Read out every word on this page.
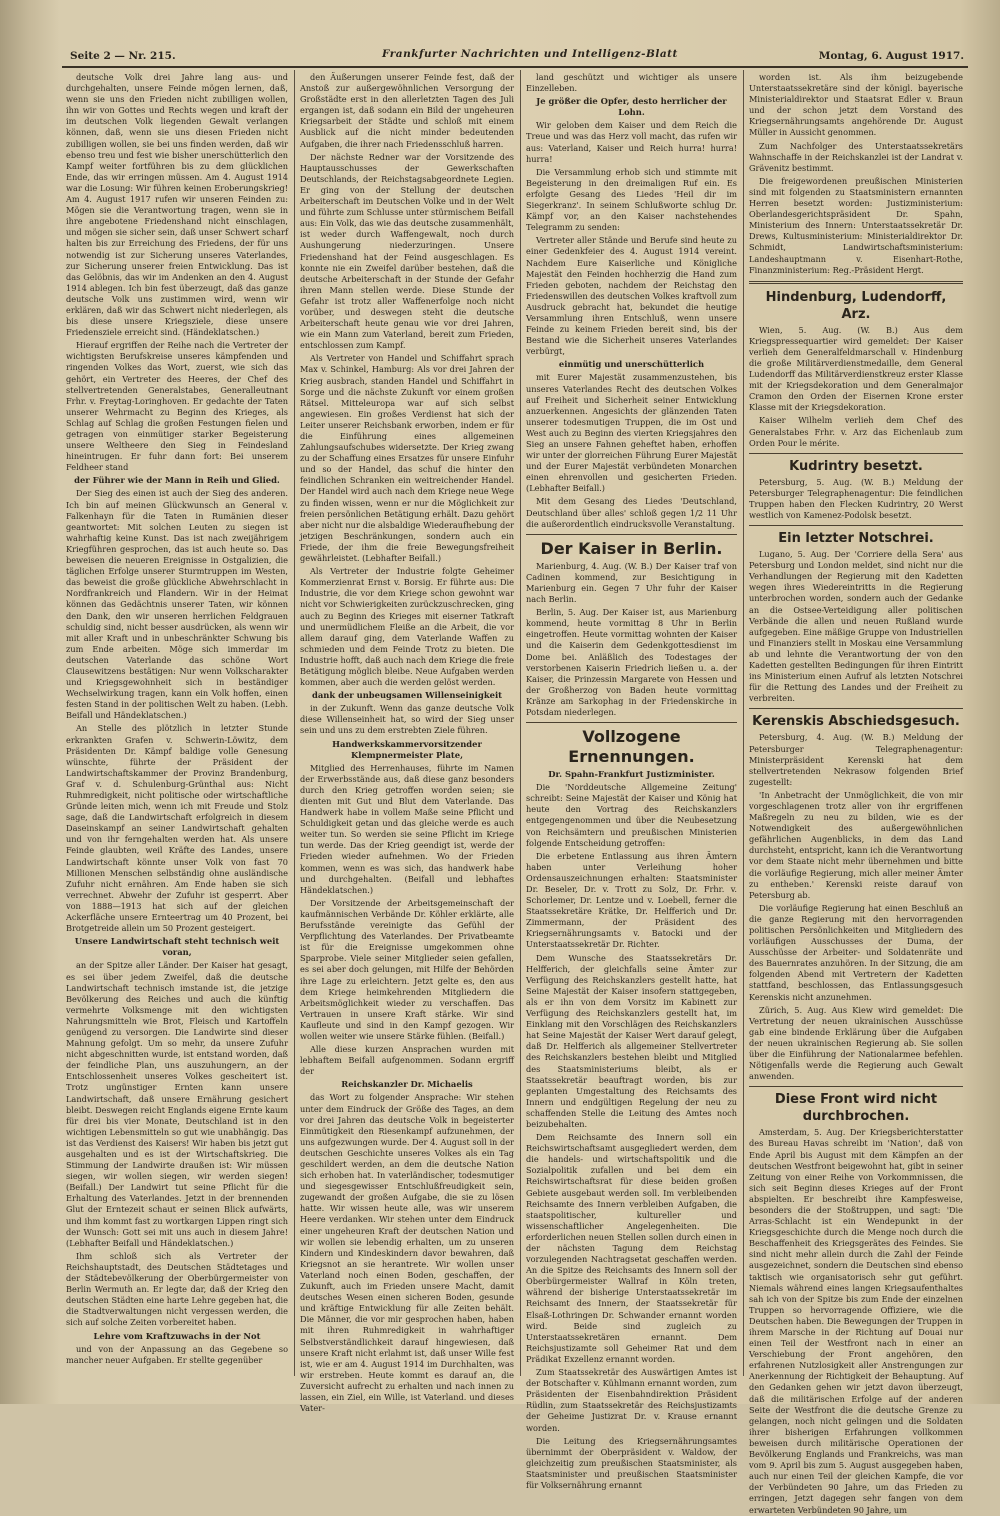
Seite 2 — Nr. 215.	Frankfurter Nachrichten und Intelligenz-Blatt	Montag, 6. August 1917.

deutsche Volk drei Jahre lang aus- und durchgehalten, unsere Feinde mögen lernen, daß, wenn sie uns den Frieden nicht zubilligen wollen, ihn wir von Gottes und Rechts wegen und kraft der im deutschen Volk liegenden Gewalt verlangen können, daß, wenn sie uns diesen Frieden nicht zubilligen wollen, sie bei uns finden werden, daß wir ebenso treu und fest wie bisher unerschütterlich den Kampf weiter fortführen bis zu dem glücklichen Ende, das wir erringen müssen. Am 4. August 1914 war die Losung: Wir führen keinen Eroberungskrieg! Am 4. August 1917 rufen wir unseren Feinden zu: Mögen sie die Verantwortung tragen, wenn sie in ihre angebotene Friedenshand nicht einschlagen, und mögen sie sicher sein, daß unser Schwert scharf halten bis zur Erreichung des Friedens, der für uns notwendig ist zur Sicherung unseres Vaterlandes, zur Sicherung unserer freien Entwicklung. Das ist das Gelöbnis, das wir im Andenken an den 4. August 1914 ablegen. Ich bin fest überzeugt, daß das ganze deutsche Volk uns zustimmen wird, wenn wir erklären, daß wir das Schwert nicht niederlegen, als bis diese unsere Kriegsziele, diese unsere Friedensziele erreicht sind. (Händeklatschen.)

Hierauf ergriffen der Reihe nach die Vertreter der wichtigsten Berufskreise unseres kämpfenden und ringenden Volkes das Wort, zuerst, wie sich das gehört, ein Vertreter des Heeres, der Chef des stellvertretenden Generalstabes, Generalleutnant Frhr. v. Freytag-Loringhoven. Er gedachte der Taten unserer Wehrmacht zu Beginn des Krieges, als Schlag auf Schlag die großen Festungen fielen und getragen von einmütiger starker Begeisterung unsere Weltheere den Sieg in Feindesland hineintrugen. Er fuhr dann fort: Bei unserem Feldheer stand

der Führer wie der Mann in Reih und Glied.

Der Sieg des einen ist auch der Sieg des anderen. Ich bin auf meinen Glückwunsch an General v. Falkenhayn für die Taten in Rumänien dieser geantwortet: Mit solchen Leuten zu siegen ist wahrhaftig keine Kunst. Das ist nach zweijährigem Kriegführen gesprochen, das ist auch heute so. Das beweisen die neueren Ereignisse in Ostgalizien, die täglichen Erfolge unserer Sturmtruppen im Westen, das beweist die große glückliche Abwehrschlacht in Nordfrankreich und Flandern. Wir in der Heimat können das Gedächtnis unserer Taten, wir können den Dank, den wir unseren herrlichen Feldgrauen schuldig sind, nicht besser ausdrücken, als wenn wir mit aller Kraft und in unbeschränkter Schwung bis zum Ende arbeiten. Möge sich immerdar im deutschen Vaterlande das schöne Wort Clausewitzens bestätigen: Nur wenn Volkscharakter und Kriegsgewohnheit sich in beständiger Wechselwirkung tragen, kann ein Volk hoffen, einen festen Stand in der politischen Welt zu haben. (Lebh. Beifall und Händeklatschen.)

An Stelle des plötzlich in letzter Stunde erkrankten Grafen v. Schwerin-Löwitz, dem Präsidenten Dr. Kämpf baldige volle Genesung wünschte, führte der Präsident der Landwirtschaftskammer der Provinz Brandenburg, Graf v. d. Schulenburg-Grünthal aus: Nicht Ruhmredigkeit, nicht politische oder wirtschaftliche Gründe leiten mich, wenn ich mit Freude und Stolz sage, daß die Landwirtschaft erfolgreich in diesem Daseinskampf an seiner Landwirtschaft gehalten und von ihr ferngehalten werden hat. Als unsere Feinde glaubten, weil Kräfte des Landes, unsere Landwirtschaft könnte unser Volk von fast 70 Millionen Menschen selbständig ohne ausländische Zufuhr nicht ernähren. Am Ende haben sie sich verrechnet. Abwehr der Zufuhr ist gesperrt. Aber von 1888—1913 hat sich auf der gleichen Ackerfläche unsere Ernteertrag um 40 Prozent, bei Brotgetreide allein um 50 Prozent gesteigert.

Unsere Landwirtschaft steht technisch weit voran,

an der Spitze aller Länder. Der Kaiser hat gesagt, es sei über jedem Zweifel, daß die deutsche Landwirtschaft technisch imstande ist, die jetzige Bevölkerung des Reiches und auch die künftig vermehrte Volksmenge mit den wichtigsten Nahrungsmitteln wie Brot, Fleisch und Kartoffeln genügend zu versorgen. Die Landwirte sind dieser Mahnung gefolgt. Um so mehr, da unsere Zufuhr nicht abgeschnitten wurde, ist entstand worden, daß der feindliche Plan, uns auszuhungern, an der Entschlossenheit unseres Volkes gescheitert ist. Trotz ungünstiger Ernten kann unsere Landwirtschaft, daß unsere Ernährung gesichert bleibt. Deswegen reicht Englands eigene Ernte kaum für drei bis vier Monate, Deutschland ist in den wichtigen Lebensmitteln so gut wie unabhängig. Das ist das Verdienst des Kaisers! Wir haben bis jetzt gut ausgehalten und es ist der Wirtschaftskrieg. Die Stimmung der Landwirte draußen ist: Wir müssen siegen, wir wollen siegen, wir werden siegen! (Beifall.) Der Landwirt tut seine Pflicht für die Erhaltung des Vaterlandes. Jetzt in der brennenden Glut der Erntezeit schaut er seinen Blick aufwärts, und ihm kommt fast zu wortkargen Lippen ringt sich der Wunsch: Gott sei mit uns auch in diesem Jahre! (Lebhafter Beifall und Händeklatschen.)

Ihm schloß sich als Vertreter der Reichshauptstadt, des Deutschen Städtetages und der Städtebevölkerung der Oberbürgermeister von Berlin Wermuth an. Er legte dar, daß der Krieg den deutschen Städten eine harte Lehre gegeben hat, die die Stadtverwaltungen nicht vergessen werden, die sich auf solche Zeiten vorbereitet haben.

Lehre vom Kraftzuwachs in der Not

und von der Anpassung an das Gegebene so mancher neuer Aufgaben. Er stellte gegenüber

den Äußerungen unserer Feinde fest, daß der Anstoß zur außergewöhnlichen Versorgung der Großstädte erst in den allerletzten Tagen des Juli ergangen ist, daß sodann ein Bild der ungeheuren Kriegsarbeit der Städte und schloß mit einem Ausblick auf die nicht minder bedeutenden Aufgaben, die ihrer nach Friedensschluß harren.

Der nächste Redner war der Vorsitzende des Hauptausschusses der Gewerkschaften Deutschlands, der Reichstagsabgeordnete Legien. Er ging von der Stellung der deutschen Arbeiterschaft im Deutschen Volke und in der Welt und führte zum Schlusse unter stürmischem Beifall aus: Ein Volk, das wie das deutsche zusammenhält, ist weder durch Waffengewalt, noch durch Aushungerung niederzuringen. Unsere Friedenshand hat der Feind ausgeschlagen. Es konnte nie ein Zweifel darüber bestehen, daß die deutsche Arbeiterschaft in der Stunde der Gefahr ihren Mann stellen werde. Diese Stunde der Gefahr ist trotz aller Waffenerfolge noch nicht vorüber, und deswegen steht die deutsche Arbeiterschaft heute genau wie vor drei Jahren, wie ein Mann zum Vaterland, bereit zum Frieden, entschlossen zum Kampf.

Als Vertreter von Handel und Schiffahrt sprach Max v. Schinkel, Hamburg: Als vor drei Jahren der Krieg ausbrach, standen Handel und Schiffahrt in Sorge und die nächste Zukunft vor einem großen Rätsel. Mitteleuropa war auf sich selbst angewiesen. Ein großes Verdienst hat sich der Leiter unserer Reichsbank erworben, indem er für die Einführung eines allgemeinen Zahlungsaufschubes widersetzte. Der Krieg zwang zu der Schaffung eines Ersatzes für unsere Einfuhr und so der Handel, das schuf die hinter den feindlichen Schranken ein weitreichender Handel. Der Handel wird auch nach dem Kriege neue Wege zu finden wissen, wenn er nur die Möglichkeit zur freien persönlichen Betätigung erhält. Dazu gehört aber nicht nur die alsbaldige Wiederaufhebung der jetzigen Beschränkungen, sondern auch ein Friede, der ihm die freie Bewegungsfreiheit gewährleistet. (Lebhafter Beifall.)

Als Vertreter der Industrie folgte Geheimer Kommerzienrat Ernst v. Borsig. Er führte aus: Die Industrie, die vor dem Kriege schon gewohnt war nicht vor Schwierigkeiten zurückzuschrecken, ging auch zu Beginn des Krieges mit eiserner Tatkraft und unermüdlichem Fleiße an die Arbeit, die vor allem darauf ging, dem Vaterlande Waffen zu schmieden und dem Feinde Trotz zu bieten. Die Industrie hofft, daß auch nach dem Kriege die freie Betätigung möglich bleibe. Neue Aufgaben werden kommen, aber auch die werden gelöst werden.

dank der unbeugsamen Willenseinigkeit

in der Zukunft. Wenn das ganze deutsche Volk diese Willenseinheit hat, so wird der Sieg unser sein und uns zu dem erstrebten Ziele führen.

Handwerkskammervorsitzender Klempnermeister Plate,

Mitglied des Herrenhauses, führte im Namen der Erwerbsstände aus, daß diese ganz besonders durch den Krieg getroffen worden seien; sie dienten mit Gut und Blut dem Vaterlande. Das Handwerk habe in vollem Maße seine Pflicht und Schuldigkeit getan und das gleiche werde es auch weiter tun. So werden sie seine Pflicht im Kriege tun werde. Das der Krieg geendigt ist, werde der Frieden wieder aufnehmen. Wo der Frieden kommen, wenn es was sich, das handwerk habe und durchgehalten. (Beifall und lebhaftes Händeklatschen.)

Der Vorsitzende der Arbeitsgemeinschaft der kaufmännischen Verbände Dr. Köhler erklärte, alle Berufsstände vereinigte das Gefühl der Verpflichtung des Vaterlandes. Der Privatbeamte ist für die Ereignisse umgekommen ohne Sparprobe. Viele seiner Mitglieder seien gefallen, es sei aber doch gelungen, mit Hilfe der Behörden ihre Lage zu erleichtern. Jetzt gelte es, den aus dem Kriege heimkehrenden Mitgliedern die Arbeitsmöglichkeit wieder zu verschaffen. Das Vertrauen in unsere Kraft stärke. Wir sind Kaufleute und sind in den Kampf gezogen. Wir wollen weiter wie unsere Stärke fühlen. (Beifall.)

Alle diese kurzen Ansprachen wurden mit lebhaftem Beifall aufgenommen. Sodann ergriff der

Reichskanzler Dr. Michaelis

das Wort zu folgender Ansprache: Wir stehen unter dem Eindruck der Größe des Tages, an dem vor drei Jahren das deutsche Volk in begeisterter Einmütigkeit den Riesenkampf aufzunehmen, der uns aufgezwungen wurde. Der 4. August soll in der deutschen Geschichte unseres Volkes als ein Tag geschildert werden, an dem die deutsche Nation sich erhoben hat. In vaterländischer, todesmutiger und siegesgewisser Entschlußfreudigkeit sein, zugewandt der großen Aufgabe, die sie zu lösen hatte. Wir wissen heute alle, was wir unserem Heere verdanken. Wir stehen unter dem Eindruck einer ungeheuren Kraft der deutschen Nation und wir wollen sie lebendig erhalten, um zu unseren Kindern und Kindeskindern davor bewahren, daß Kriegsnot an sie herantrete. Wir wollen unser Vaterland noch einen Boden, geschaffen, der Zukunft, auch im Frieden unsere Macht, damit deutsches Wesen einen sicheren Boden, gesunde und kräftige Entwicklung für alle Zeiten behält. Die Männer, die vor mir gesprochen haben, haben mit ihren Ruhmredigkeit in wahrhaftiger Selbstverständlichkeit darauf hingewiesen, daß unsere Kraft nicht erlahmt ist, daß unser Wille fest ist, wie er am 4. August 1914 im Durchhalten, was wir erstreben. Heute kommt es darauf an, die Zuversicht aufrecht zu erhalten und nach innen zu lassen, ein Ziel, ein Wille, ist Vaterland. und dieses Vater-

land geschützt und wichtiger als unsere Einzelleben.

Je größer die Opfer, desto herrlicher der Lohn.

Wir geloben dem Kaiser und dem Reich die Treue und was das Herz voll macht, das rufen wir aus: Vaterland, Kaiser und Reich hurra! hurra! hurra!

Die Versammlung erhob sich und stimmte mit Begeisterung in den dreimaligen Ruf ein. Es erfolgte Gesang des Liedes 'Heil dir im Siegerkranz'. In seinem Schlußworte schlug Dr. Kämpf vor, an den Kaiser nachstehendes Telegramm zu senden:

Vertreter aller Stände und Berufe sind heute zu einer Gedenkfeier des 4. August 1914 vereint. Nachdem Eure Kaiserliche und Königliche Majestät den Feinden hochherzig die Hand zum Frieden geboten, nachdem der Reichstag den Friedenswillen des deutschen Volkes kraftvoll zum Ausdruck gebracht hat, bekundet die heutige Versammlung ihren Entschluß, wenn unsere Feinde zu keinem Frieden bereit sind, bis der Bestand wie die Sicherheit unseres Vaterlandes verbürgt,

einmütig und unerschütterlich

mit Eurer Majestät zusammenzustehen, bis unseres Vaterlandes Recht des deutschen Volkes auf Freiheit und Sicherheit seiner Entwicklung anzuerkennen. Angesichts der glänzenden Taten unserer todesmutigen Truppen, die im Ost und West auch zu Beginn des vierten Kriegsjahres den Sieg an unsere Fahnen geheftet haben, erhoffen wir unter der glorreichen Führung Eurer Majestät und der Eurer Majestät verbündeten Monarchen einen ehrenvollen und gesicherten Frieden. (Lebhafter Beifall.)

Mit dem Gesang des Liedes 'Deutschland, Deutschland über alles' schloß gegen 1/2 11 Uhr die außerordentlich eindrucksvolle Veranstaltung.

Der Kaiser in Berlin.

Marienburg, 4. Aug. (W. B.) Der Kaiser traf von Cadinen kommend, zur Besichtigung in Marienburg ein. Gegen 7 Uhr fuhr der Kaiser nach Berlin.

Berlin, 5. Aug. Der Kaiser ist, aus Marienburg kommend, heute vormittag 8 Uhr in Berlin eingetroffen. Heute vormittag wohnten der Kaiser und die Kaiserin dem Gedenkgottesdienst im Dome bei. Anläßlich des Todestages der verstorbenen Kaiserin Friedrich ließen u. a. der Kaiser, die Prinzessin Margarete von Hessen und der Großherzog von Baden heute vormittag Kränze am Sarkophag in der Friedenskirche in Potsdam niederlegen.

Vollzogene Ernennungen.

Dr. Spahn-Frankfurt Justizminister.

Die 'Norddeutsche Allgemeine Zeitung' schreibt: Seine Majestät der Kaiser und König hat heute den Vortrag des Reichskanzlers entgegengenommen und über die Neubesetzung von Reichsämtern und preußischen Ministerien folgende Entscheidung getroffen:

Die erbetene Entlassung aus ihren Ämtern haben unter Verleihung hoher Ordensauszeichnungen erhalten: Staatsminister Dr. Beseler, Dr. v. Trott zu Solz, Dr. Frhr. v. Schorlemer, Dr. Lentze und v. Loebell, ferner die Staatssekretäre Krätke, Dr. Helfferich und Dr. Zimmermann, der Präsident des Kriegsernährungsamts v. Batocki und der Unterstaatssekretär Dr. Richter.

Dem Wunsche des Staatssekretärs Dr. Helfferich, der gleichfalls seine Ämter zur Verfügung des Reichskanzlers gestellt hatte, hat Seine Majestät der Kaiser insofern stattgegeben, als er ihn von dem Vorsitz im Kabinett zur Verfügung des Reichskanzlers gestellt hat, im Einklang mit den Vorschlägen des Reichskanzlers hat Seine Majestät der Kaiser Wert darauf gelegt, daß Dr. Helfferich als allgemeiner Stellvertreter des Reichskanzlers bestehen bleibt und Mitglied des Staatsministeriums bleibt, als er Staatssekretär beauftragt worden, bis zur geplanten Umgestaltung des Reichsamts des Innern und endgültigen Regelung der neu zu schaffenden Stelle die Leitung des Amtes noch beizubehalten.

Dem Reichsamte des Innern soll ein Reichswirtschaftsamt ausgegliedert werden, dem die handels- und wirtschaftspolitik und die Sozialpolitik zufallen und bei dem ein Reichswirtschaftsrat für diese beiden großen Gebiete ausgebaut werden soll. Im verbleibenden Reichsamte des Innern verbleiben Aufgaben, die staatspolitischer, kultureller und wissenschaftlicher Angelegenheiten. Die erforderlichen neuen Stellen sollen durch einen in der nächsten Tagung dem Reichstag vorzulegenden Nachtragsetat geschaffen werden. An die Spitze des Reichsamts des Innern soll der Oberbürgermeister Wallraf in Köln treten, während der bisherige Unterstaatssekretär im Reichsamt des Innern, der Staatssekretär für Elsaß-Lothringen Dr. Schwander ernannt worden wird. Beide sind zugleich zu Unterstaatssekretären ernannt. Dem Reichsjustizamte soll Geheimer Rat und dem Prädikat Exzellenz ernannt worden.

Zum Staatssekretär des Auswärtigen Amtes ist der Botschafter v. Kühlmann ernannt worden, zum Präsidenten der Eisenbahndirektion Präsident Rüdlin, zum Staatssekretär des Reichsjustizamts der Geheime Justizrat Dr. v. Krause ernannt worden.

Die Leitung des Kriegsernährungsamtes übernimmt der Oberpräsident v. Waldow, der gleichzeitig zum preußischen Staatsminister, als Staatsminister und preußischen Staatsminister für Volksernährung ernannt

worden ist. Als ihm beizugebende Unterstaatssekretäre sind der königl. bayerische Ministerialdirektor und Staatsrat Edler v. Braun und der schon jetzt dem Vorstand des Kriegsernährungsamts angehörende Dr. August Müller in Aussicht genommen.

Zum Nachfolger des Unterstaatssekretärs Wahnschaffe in der Reichskanzlei ist der Landrat v. Grävenitz bestimmt.

Die freigewordenen preußischen Ministerien sind mit folgenden zu Staatsministern ernannten Herren besetzt worden: Justizministerium: Oberlandesgerichtspräsident Dr. Spahn, Ministerium des Innern: Unterstaatssekretär Dr. Drews, Kultusministerium: Ministerialdirektor Dr. Schmidt, Landwirtschaftsministerium: Landeshauptmann v. Eisenhart-Rothe, Finanzministerium: Reg.-Präsident Hergt.

Hindenburg, Ludendorff, Arz.

Wien, 5. Aug. (W. B.) Aus dem Kriegspressequartier wird gemeldet: Der Kaiser verlieh dem Generalfeldmarschall v. Hindenburg die große Militärverdienstmedaille, dem General Ludendorff das Militärverdienstkreuz erster Klasse mit der Kriegsdekoration und dem Generalmajor Cramon den Orden der Eisernen Krone erster Klasse mit der Kriegsdekoration.

Kaiser Wilhelm verlieh dem Chef des Generalstabes Frhr. v. Arz das Eichenlaub zum Orden Pour le mérite.

Kudrintry besetzt.

Petersburg, 5. Aug. (W. B.) Meldung der Petersburger Telegraphenagentur: Die feindlichen Truppen haben den Flecken Kudrintry, 20 Werst westlich von Kamenez-Podolsk besetzt.

Ein letzter Notschrei.

Lugano, 5. Aug. Der 'Corriere della Sera' aus Petersburg und London meldet, sind nicht nur die Verhandlungen der Regierung mit den Kadetten wegen ihres Wiedereintritts in die Regierung unterbrochen worden, sondern auch der Gedanke an die Ostsee-Verteidigung aller politischen Verbände die allen und neuen Rußland wurde aufgegeben. Eine mäßige Gruppe von Industriellen und Finanziers stellt in Moskau eine Versammlung ab und lehnte die Verantwortung der von den Kadetten gestellten Bedingungen für ihren Eintritt ins Ministerium einen Aufruf als letzten Notschrei für die Rettung des Landes und der Freiheit zu verbreiten.

Kerenskis Abschiedsgesuch.

Petersburg, 4. Aug. (W. B.) Meldung der Petersburger Telegraphenagentur: Ministerpräsident Kerenski hat dem stellvertretenden Nekrasow folgenden Brief zugestellt:

'In Anbetracht der Unmöglichkeit, die von mir vorgeschlagenen trotz aller von ihr ergriffenen Maßregeln zu neu zu bilden, wie es der Notwendigkeit des außergewöhnlichen gefährlichen Augenblicks, in dem das Land durchsteht, entspricht, kann ich die Verantwortung vor dem Staate nicht mehr übernehmen und bitte die vorläufige Regierung, mich aller meiner Ämter zu entheben.' Kerenski reiste darauf von Petersburg ab.

Die vorläufige Regierung hat einen Beschluß an die ganze Regierung mit den hervorragenden politischen Persönlichkeiten und Mitgliedern des vorläufigen Ausschusses der Duma, der Ausschüsse der Arbeiter- und Soldatenräte und des Bauernrates anzuhören. In der Sitzung, die am folgenden Abend mit Vertretern der Kadetten stattfand, beschlossen, das Entlassungsgesuch Kerenskis nicht anzunehmen.

Zürich, 5. Aug. Aus Kiew wird gemeldet: Die Vertretung der neuen ukrainischen Ausschüsse gab eine bindende Erklärung über die Aufgaben der neuen ukrainischen Regierung ab. Sie sollen über die Einführung der Nationalarmee befehlen. Nötigenfalls werde die Regierung auch Gewalt anwenden.

Diese Front wird nicht durchbrochen.

Amsterdam, 5. Aug. Der Kriegsberichterstatter des Bureau Havas schreibt im 'Nation', daß von Ende April bis August mit dem Kämpfen an der deutschen Westfront beigewohnt hat, gibt in seiner Zeitung von einer Reihe von Vorkommnissen, die sich seit Beginn dieses Krieges auf der Front abspielten. Er beschreibt ihre Kampfesweise, besonders die der Stoßtruppen, und sagt: 'Die Arras-Schlacht ist ein Wendepunkt in der Kriegsgeschichte durch die Menge noch durch die Beschaffenheit des Kriegsgerätes des Feindes. Sie sind nicht mehr allein durch die Zahl der Feinde ausgezeichnet, sondern die Deutschen sind ebenso taktisch wie organisatorisch sehr gut geführt. Niemals während eines langen Kriegsaufenthaltes sah ich von der Spitze bis zum Ende der einzelnen Truppen so hervorragende Offiziere, wie die Deutschen haben. Die Bewegungen der Truppen in ihrem Marsche in der Richtung auf Douai nur einen Teil der Westfront nach in einer an Verschiebung der Front angehören, den erfahrenen Nutzlosigkeit aller Anstrengungen zur Anerkennung der Richtigkeit der Behauptung. Auf den Gedanken gehen wir jetzt davon überzeugt, daß die militärischen Erfolge auf der anderen Seite der Westfront die die deutsche Grenze zu gelangen, noch nicht gelingen und die Soldaten ihrer bisherigen Erfahrungen vollkommen beweisen durch militärische Operationen der Bevölkerung Englands und Frankreichs, was man vom 9. April bis zum 5. August ausgegeben haben, auch nur einen Teil der gleichen Kampfe, die vor der Verbündeten 90 Jahre, um das Frieden zu erringen, Jetzt dagegen sehr fangen von dem erwarteten Verbündeten 90 Jahre, um
